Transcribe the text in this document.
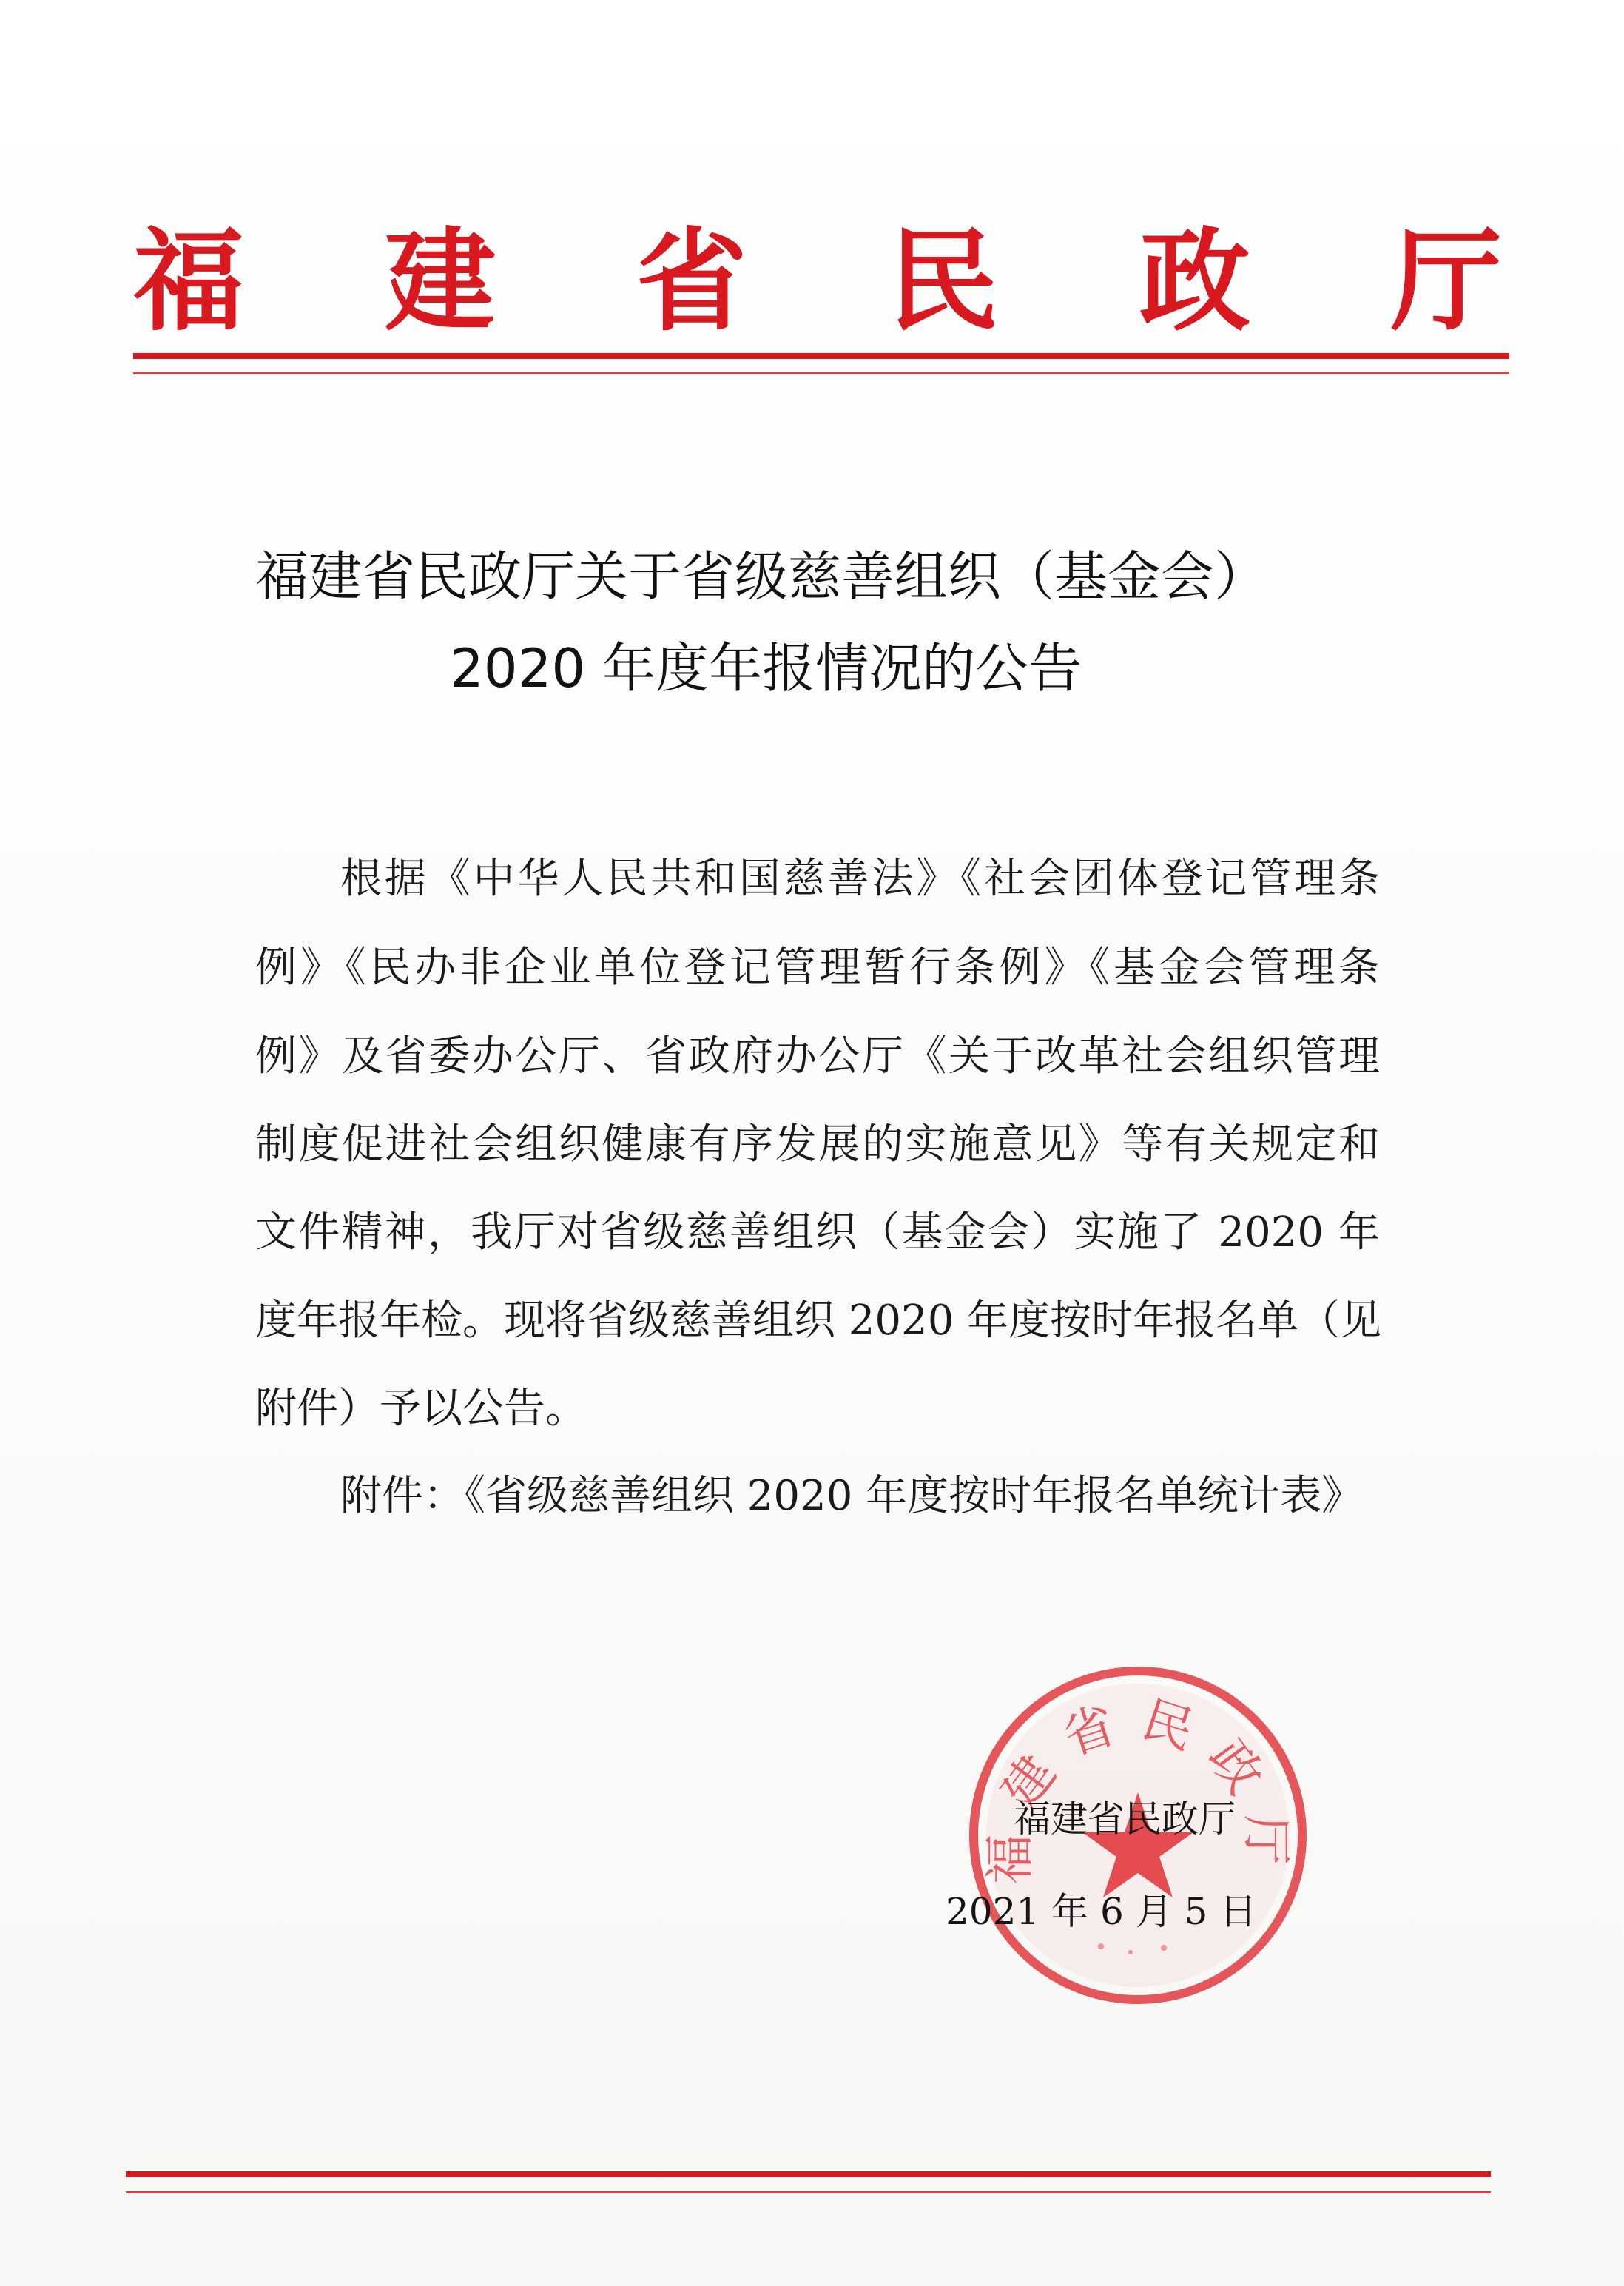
福 建 省 民 政 厅
福建省民政厅关于省级慈善组织（基金会）
2020 年度年报情况的公告
根据《中华人民共和国慈善法》《社会团体登记管理条
例》《民办非企业单位登记管理暂行条例》《基金会管理条
例》及省委办公厅、省政府办公厅《关于改革社会组织管理
制度促进社会组织健康有序发展的实施意见》等有关规定和
文件精神，我厅对省级慈善组织（基金会）实施了 2020 年
度年报年检。现将省级慈善组织 2020 年度按时年报名单（见
附件）予以公告。
附件：《省级慈善组织 2020 年度按时年报名单统计表》
福建省民政厅
福建省民政厅
2021 年 6 月 5 日
